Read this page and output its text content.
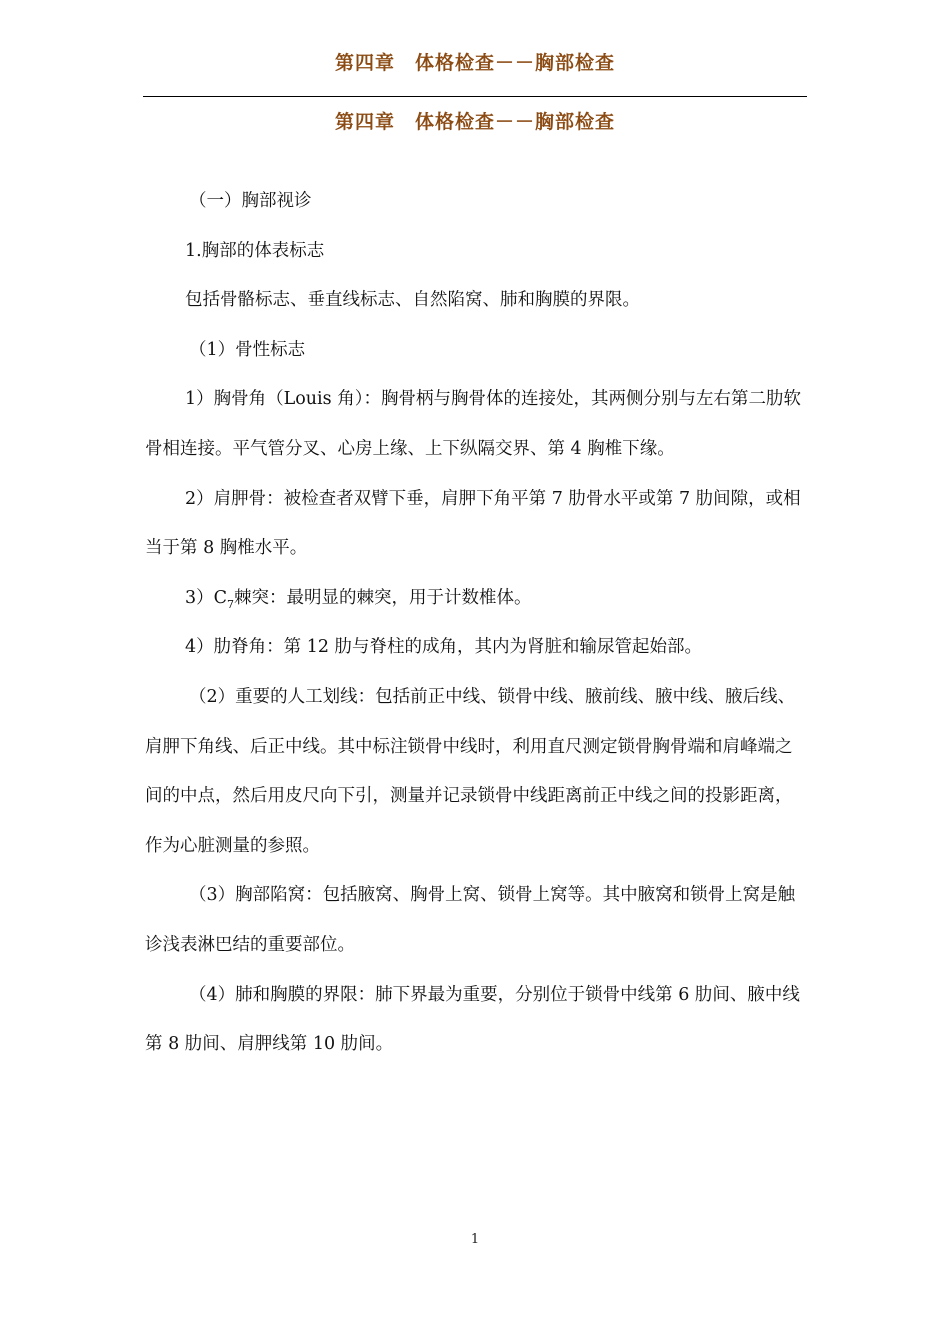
第四章　体格检查－－胸部检查
第四章　体格检查－－胸部检查

（一）胸部视诊

1.胸部的体表标志

包括骨骼标志、垂直线标志、自然陷窝、肺和胸膜的界限。

（1）骨性标志

1）胸骨角（Louis 角）：胸骨柄与胸骨体的连接处，其两侧分别与左右第二肋软骨相连接。平气管分叉、心房上缘、上下纵隔交界、第 4 胸椎下缘。

2）肩胛骨：被检查者双臂下垂，肩胛下角平第 7 肋骨水平或第 7 肋间隙，或相当于第 8 胸椎水平。

$3)C_7$棘突：最明显的棘突，用于计数椎体。

4）肋脊角：第 12 肋与脊柱的成角，其内为肾脏和输尿管起始部。

（2）重要的人工划线：包括前正中线、锁骨中线、腋前线、腋中线、腋后线、肩胛下角线、后正中线。其中标注锁骨中线时，利用直尺测定锁骨胸骨端和肩峰端之间的中点，然后用皮尺向下引，测量并记录锁骨中线距离前正中线之间的投影距离，作为心脏测量的参照。

（3）胸部陷窝：包括腋窝、胸骨上窝、锁骨上窝等。其中腋窝和锁骨上窝是触诊浅表淋巴结的重要部位。

（4）肺和胸膜的界限：肺下界最为重要，分别位于锁骨中线第 6 肋间、腋中线第 8 肋间、肩胛线第 10 肋间。

1
